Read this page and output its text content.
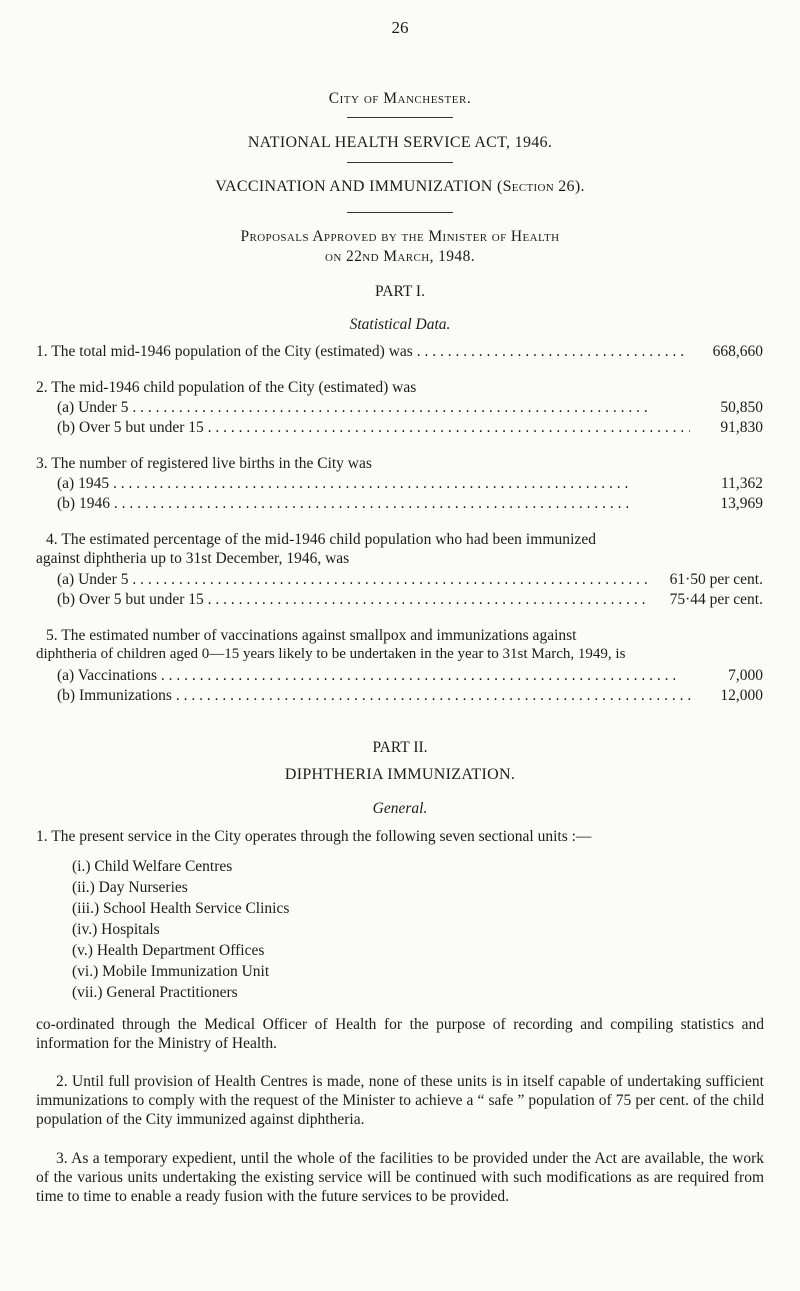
26
City of Manchester.
NATIONAL HEALTH SERVICE ACT, 1946.
VACCINATION AND IMMUNIZATION (Section 26).
Proposals Approved by the Minister of Health
on 22nd March, 1948.
PART I.
Statistical Data.
1. The total mid-1946 population of the City (estimated) was . . .	668,660
2. The mid-1946 child population of the City (estimated) was
(a) Under 5 . . .	50,850
(b) Over 5 but under 15 . . .	91,830
3. The number of registered live births in the City was
(a) 1945 . . .	11,362
(b) 1946 . . .	13,969
4. The estimated percentage of the mid-1946 child population who had been immunized
against diphtheria up to 31st December, 1946, was
(a) Under 5 . . .	61·50 per cent.
(b) Over 5 but under 15 . . .	75·44 per cent.
5. The estimated number of vaccinations against smallpox and immunizations against
diphtheria of children aged 0—15 years likely to be undertaken in the year to 31st March, 1949, is
(a) Vaccinations . . .	7,000
(b) Immunizations . . .	12,000
PART II.
DIPHTHERIA IMMUNIZATION.
General.
1. The present service in the City operates through the following seven sectional units :—
(i.) Child Welfare Centres
(ii.) Day Nurseries
(iii.) School Health Service Clinics
(iv.) Hospitals
(v.) Health Department Offices
(vi.) Mobile Immunization Unit
(vii.) General Practitioners
co-ordinated through the Medical Officer of Health for the purpose of recording and compiling statistics and information for the Ministry of Health.
2. Until full provision of Health Centres is made, none of these units is in itself capable of undertaking sufficient immunizations to comply with the request of the Minister to achieve a “ safe ” population of 75 per cent. of the child population of the City immunized against diphtheria.
3. As a temporary expedient, until the whole of the facilities to be provided under the Act are available, the work of the various units undertaking the existing service will be continued with such modifications as are required from time to time to enable a ready fusion with the future services to be provided.
